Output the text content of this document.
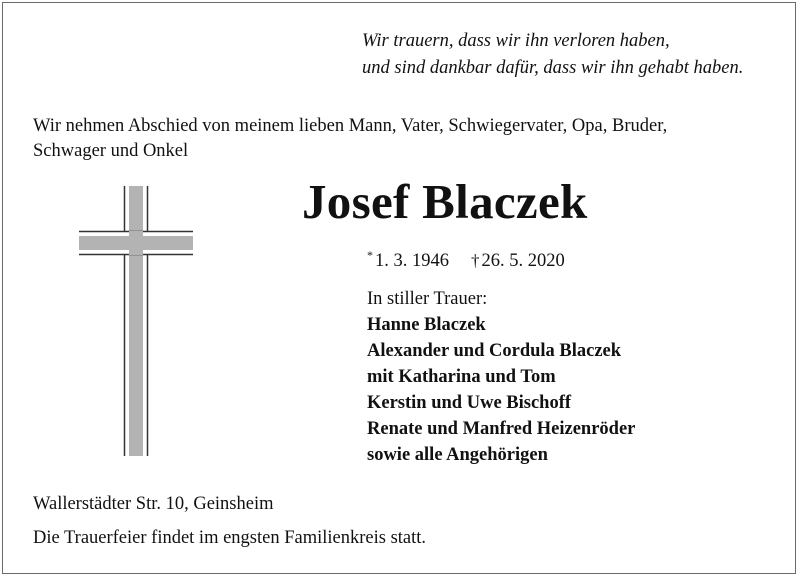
Wir trauern, dass wir ihn verloren haben,
und sind dankbar dafür, dass wir ihn gehabt haben.
Wir nehmen Abschied von meinem lieben Mann, Vater, Schwiegervater, Opa, Bruder,
Schwager und Onkel
Josef Blaczek
* 1. 3. 1946 † 26. 5. 2020
In stiller Trauer:
Hanne Blaczek
Alexander und Cordula Blaczek
mit Katharina und Tom
Kerstin und Uwe Bischoff
Renate und Manfred Heizenröder
sowie alle Angehörigen
Wallerstädter Str. 10, Geinsheim
Die Trauerfeier findet im engsten Familienkreis statt.
